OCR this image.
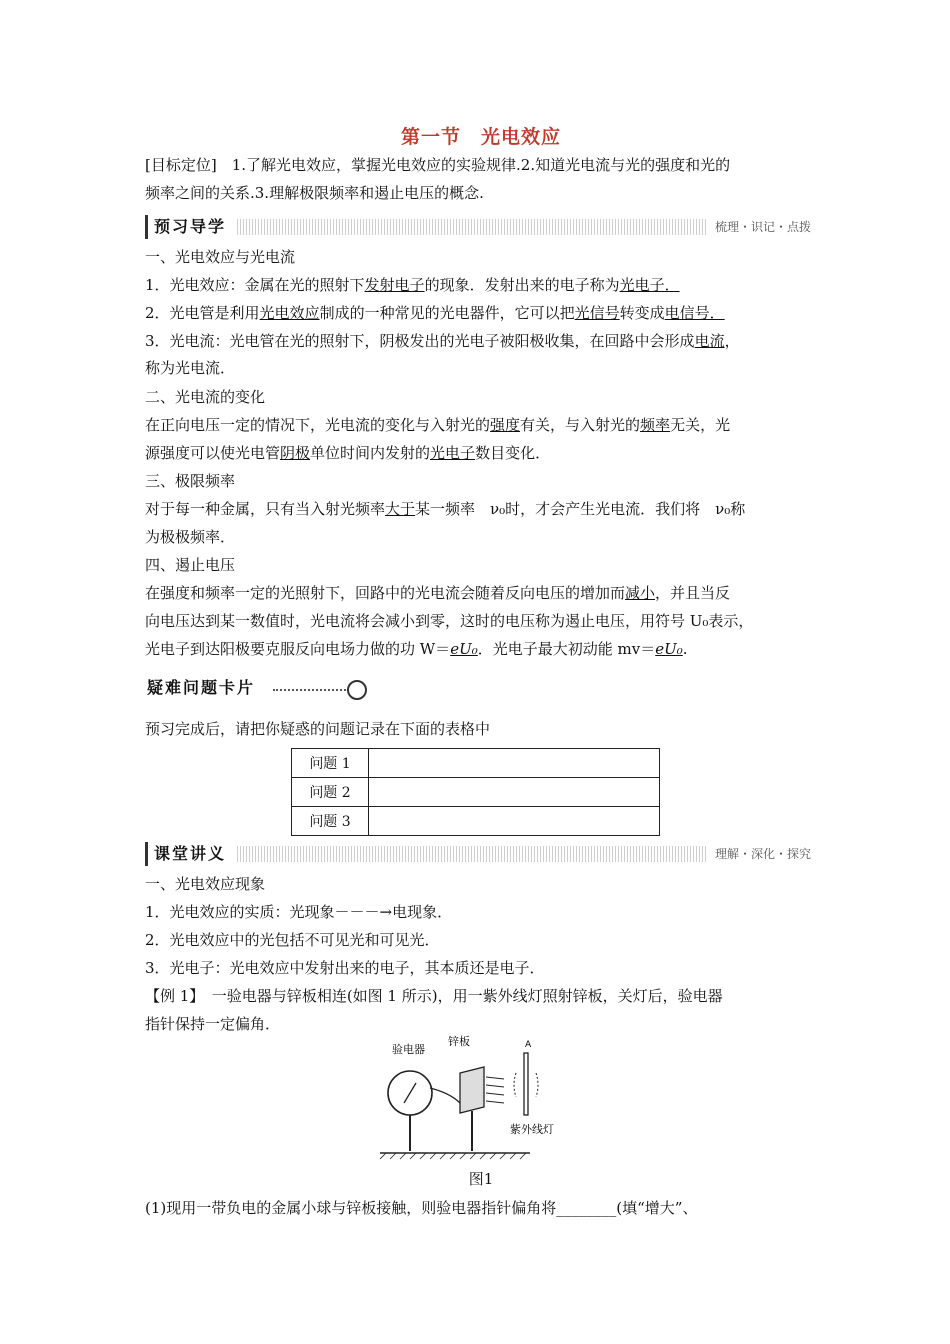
第一节　光电效应
[目标定位]　1.了解光电效应，掌握光电效应的实验规律.2.知道光电流与光的强度和光的
频率之间的关系.3.理解极限频率和遏止电压的概念.
预习导学	梳理・识记・点拨
一、光电效应与光电流
1．光电效应：金属在光的照射下发射电子的现象．发射出来的电子称为光电子．
2．光电管是利用光电效应制成的一种常见的光电器件，它可以把光信号转变成电信号．
3．光电流：光电管在光的照射下，阴极发出的光电子被阳极收集，在回路中会形成电流，
称为光电流．
二、光电流的变化
在正向电压一定的情况下，光电流的变化与入射光的强度有关，与入射光的频率无关，光
源强度可以使光电管阴极单位时间内发射的光电子数目变化．
三、极限频率
对于每一种金属，只有当入射光频率大于某一频率　ν₀时，才会产生光电流．我们将　ν₀称
为极极频率．
四、遏止电压
在强度和频率一定的光照射下，回路中的光电流会随着反向电压的增加而减小，并且当反
向电压达到某一数值时，光电流将会减小到零，这时的电压称为遏止电压，用符号 U₀表示，
光电子到达阳极要克服反向电场力做的功 W＝eU₀．光电子最大初动能 mv＝eU₀.
疑难问题卡片
预习完成后，请把你疑惑的问题记录在下面的表格中
问题 1	
问题 2	
问题 3	
课堂讲义	理解・深化・探究
一、光电效应现象
1．光电效应的实质：光现象－－－→电现象．
2．光电效应中的光包括不可见光和可见光．
3．光电子：光电效应中发射出来的电子，其本质还是电子．
【例 1】　一验电器与锌板相连(如图 1 所示)，用一紫外线灯照射锌板，关灯后，验电器
指针保持一定偏角．
验电器
锌板
紫外线灯
A
图1
(1)现用一带负电的金属小球与锌板接触，则验电器指针偏角将________(填“增大”、
